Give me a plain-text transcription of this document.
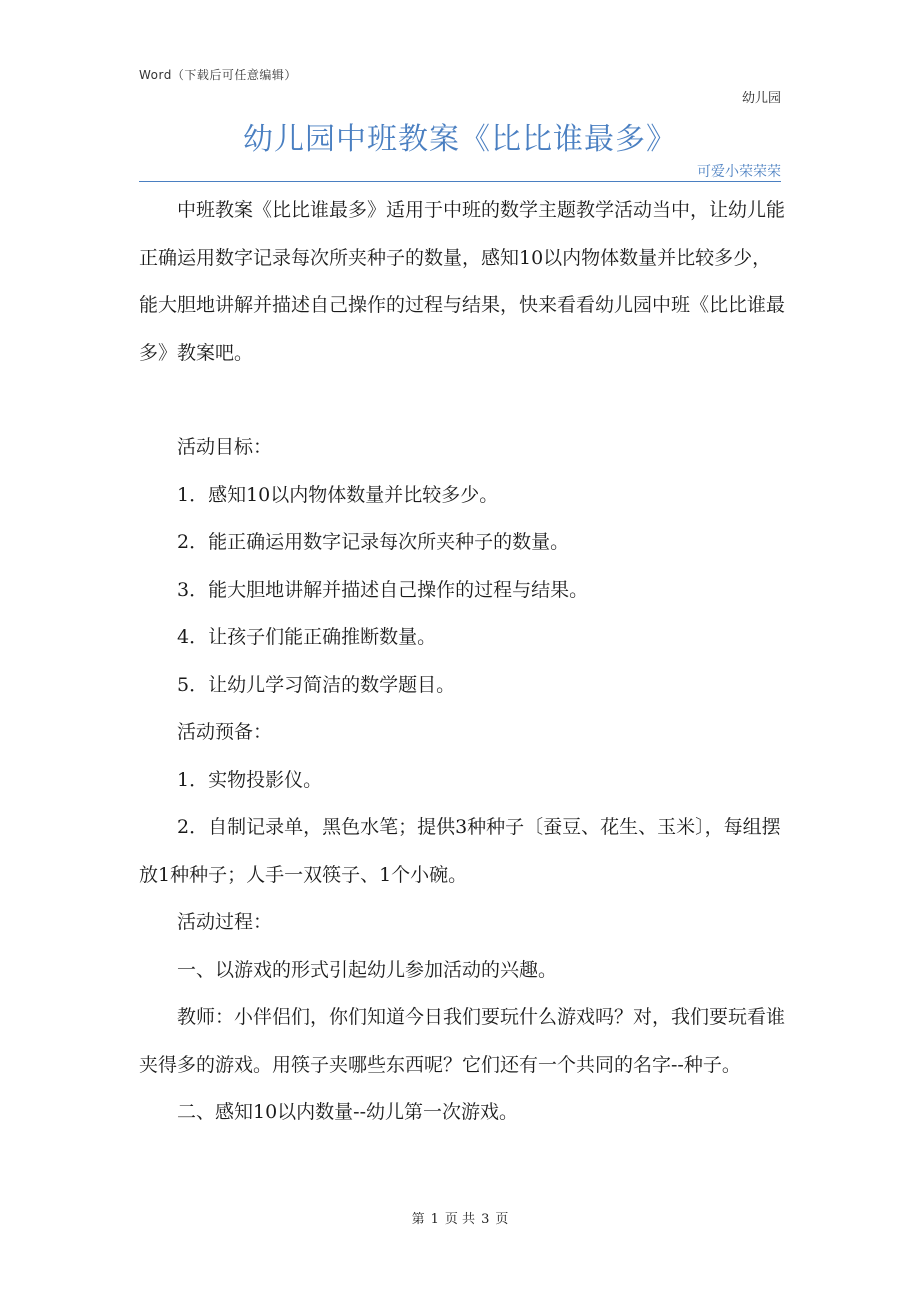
Word（下载后可任意编辑）
幼儿园
幼儿园中班教案《比比谁最多》
可爱小荣荣荣

中班教案《比比谁最多》适用于中班的数学主题教学活动当中，让幼儿能正确运用数字记录每次所夹种子的数量，感知10以内物体数量并比较多少，能大胆地讲解并描述自己操作的过程与结果，快来看看幼儿园中班《比比谁最多》教案吧。

活动目标：

1．感知10以内物体数量并比较多少。

2．能正确运用数字记录每次所夹种子的数量。

3．能大胆地讲解并描述自己操作的过程与结果。

4．让孩子们能正确推断数量。

5．让幼儿学习简洁的数学题目。

活动预备：

1．实物投影仪。

2．自制记录单，黑色水笔；提供3种种子〔蚕豆、花生、玉米〕，每组摆放1种种子；人手一双筷子、1个小碗。

活动过程：

一、以游戏的形式引起幼儿参加活动的兴趣。

教师：小伴侣们，你们知道今日我们要玩什么游戏吗？对，我们要玩看谁夹得多的游戏。用筷子夹哪些东西呢？它们还有一个共同的名字--种子。

二、感知10以内数量--幼儿第一次游戏。

第 1 页 共 3 页
